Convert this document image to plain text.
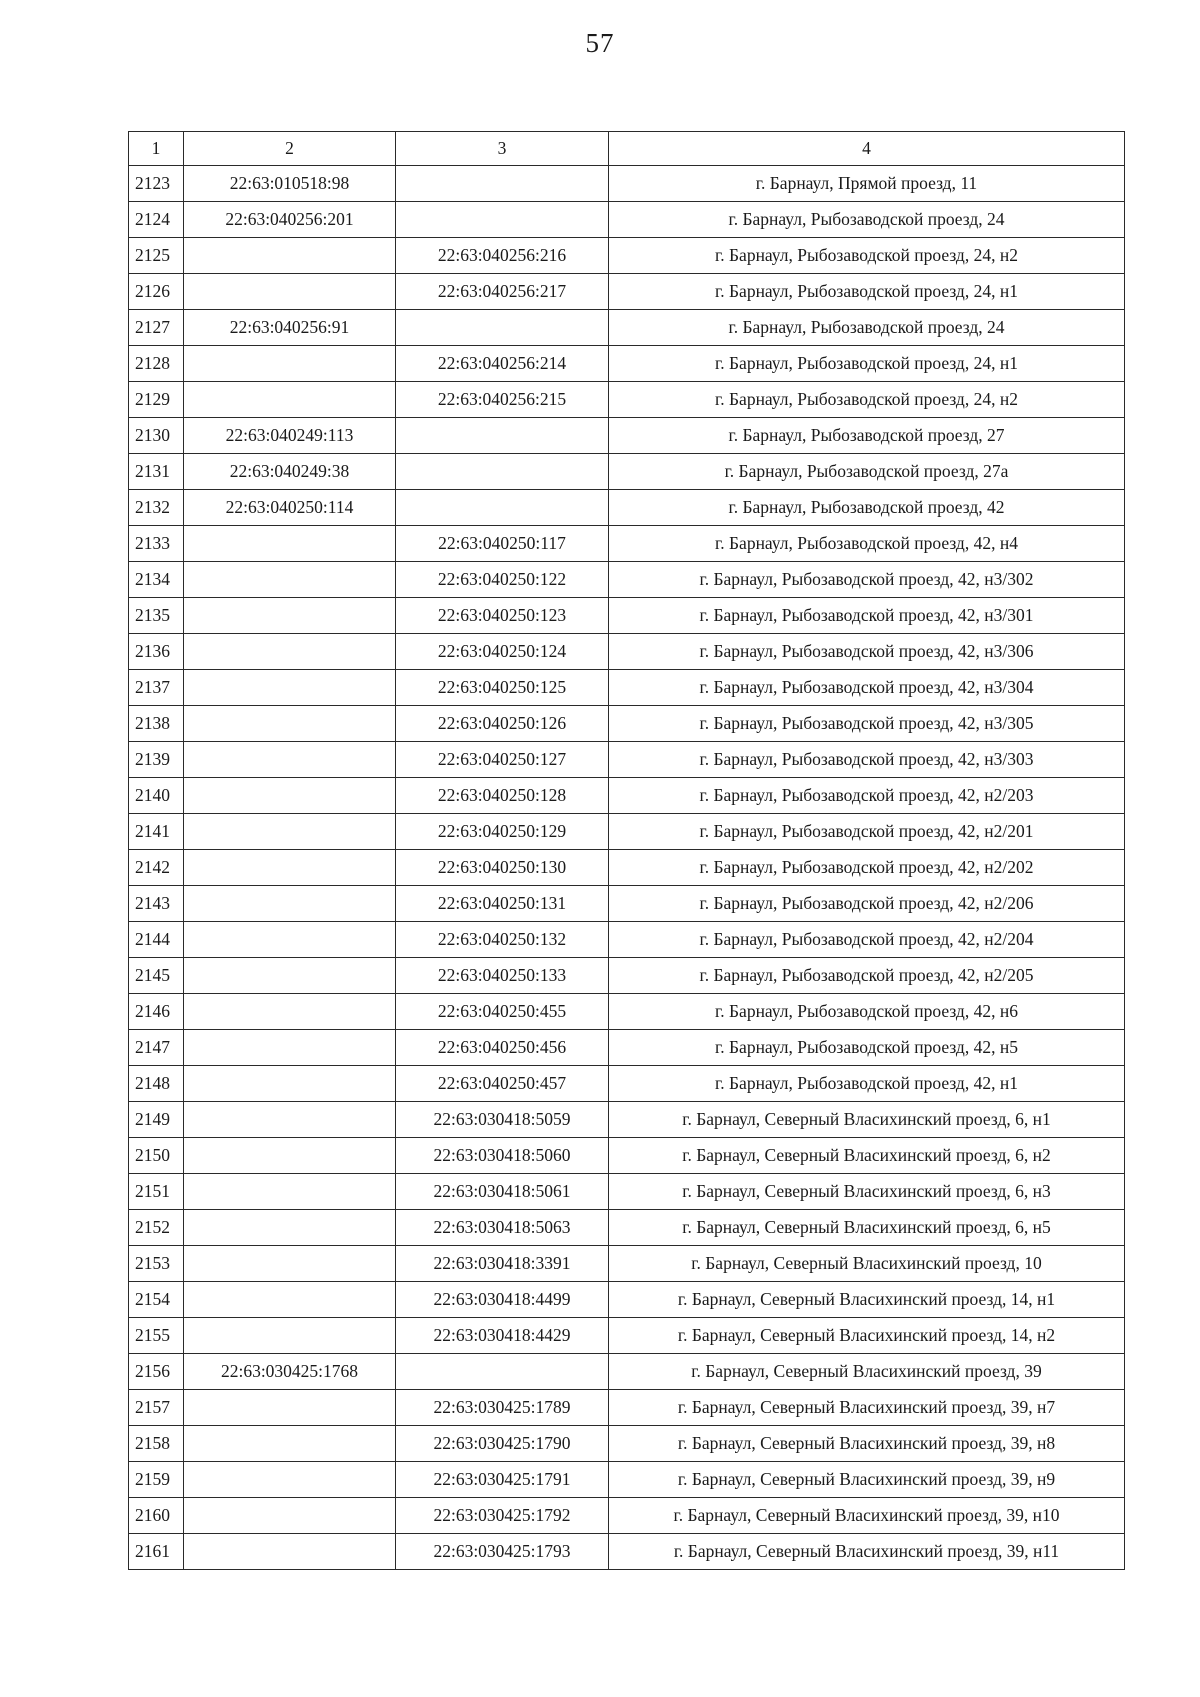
57
1	2	3	4
2123	22:63:010518:98		г. Барнаул, Прямой проезд, 11
2124	22:63:040256:201		г. Барнаул, Рыбозаводской проезд, 24
2125		22:63:040256:216	г. Барнаул, Рыбозаводской проезд, 24, н2
2126		22:63:040256:217	г. Барнаул, Рыбозаводской проезд, 24, н1
2127	22:63:040256:91		г. Барнаул, Рыбозаводской проезд, 24
2128		22:63:040256:214	г. Барнаул, Рыбозаводской проезд, 24, н1
2129		22:63:040256:215	г. Барнаул, Рыбозаводской проезд, 24, н2
2130	22:63:040249:113		г. Барнаул, Рыбозаводской проезд, 27
2131	22:63:040249:38		г. Барнаул, Рыбозаводской проезд, 27а
2132	22:63:040250:114		г. Барнаул, Рыбозаводской проезд, 42
2133		22:63:040250:117	г. Барнаул, Рыбозаводской проезд, 42, н4
2134		22:63:040250:122	г. Барнаул, Рыбозаводской проезд, 42, н3/302
2135		22:63:040250:123	г. Барнаул, Рыбозаводской проезд, 42, н3/301
2136		22:63:040250:124	г. Барнаул, Рыбозаводской проезд, 42, н3/306
2137		22:63:040250:125	г. Барнаул, Рыбозаводской проезд, 42, н3/304
2138		22:63:040250:126	г. Барнаул, Рыбозаводской проезд, 42, н3/305
2139		22:63:040250:127	г. Барнаул, Рыбозаводской проезд, 42, н3/303
2140		22:63:040250:128	г. Барнаул, Рыбозаводской проезд, 42, н2/203
2141		22:63:040250:129	г. Барнаул, Рыбозаводской проезд, 42, н2/201
2142		22:63:040250:130	г. Барнаул, Рыбозаводской проезд, 42, н2/202
2143		22:63:040250:131	г. Барнаул, Рыбозаводской проезд, 42, н2/206
2144		22:63:040250:132	г. Барнаул, Рыбозаводской проезд, 42, н2/204
2145		22:63:040250:133	г. Барнаул, Рыбозаводской проезд, 42, н2/205
2146		22:63:040250:455	г. Барнаул, Рыбозаводской проезд, 42, н6
2147		22:63:040250:456	г. Барнаул, Рыбозаводской проезд, 42, н5
2148		22:63:040250:457	г. Барнаул, Рыбозаводской проезд, 42, н1
2149		22:63:030418:5059	г. Барнаул, Северный Власихинский проезд, 6, н1
2150		22:63:030418:5060	г. Барнаул, Северный Власихинский проезд, 6, н2
2151		22:63:030418:5061	г. Барнаул, Северный Власихинский проезд, 6, н3
2152		22:63:030418:5063	г. Барнаул, Северный Власихинский проезд, 6, н5
2153		22:63:030418:3391	г. Барнаул, Северный Власихинский проезд, 10
2154		22:63:030418:4499	г. Барнаул, Северный Власихинский проезд, 14, н1
2155		22:63:030418:4429	г. Барнаул, Северный Власихинский проезд, 14, н2
2156	22:63:030425:1768		г. Барнаул, Северный Власихинский проезд, 39
2157		22:63:030425:1789	г. Барнаул, Северный Власихинский проезд, 39, н7
2158		22:63:030425:1790	г. Барнаул, Северный Власихинский проезд, 39, н8
2159		22:63:030425:1791	г. Барнаул, Северный Власихинский проезд, 39, н9
2160		22:63:030425:1792	г. Барнаул, Северный Власихинский проезд, 39, н10
2161		22:63:030425:1793	г. Барнаул, Северный Власихинский проезд, 39, н11
